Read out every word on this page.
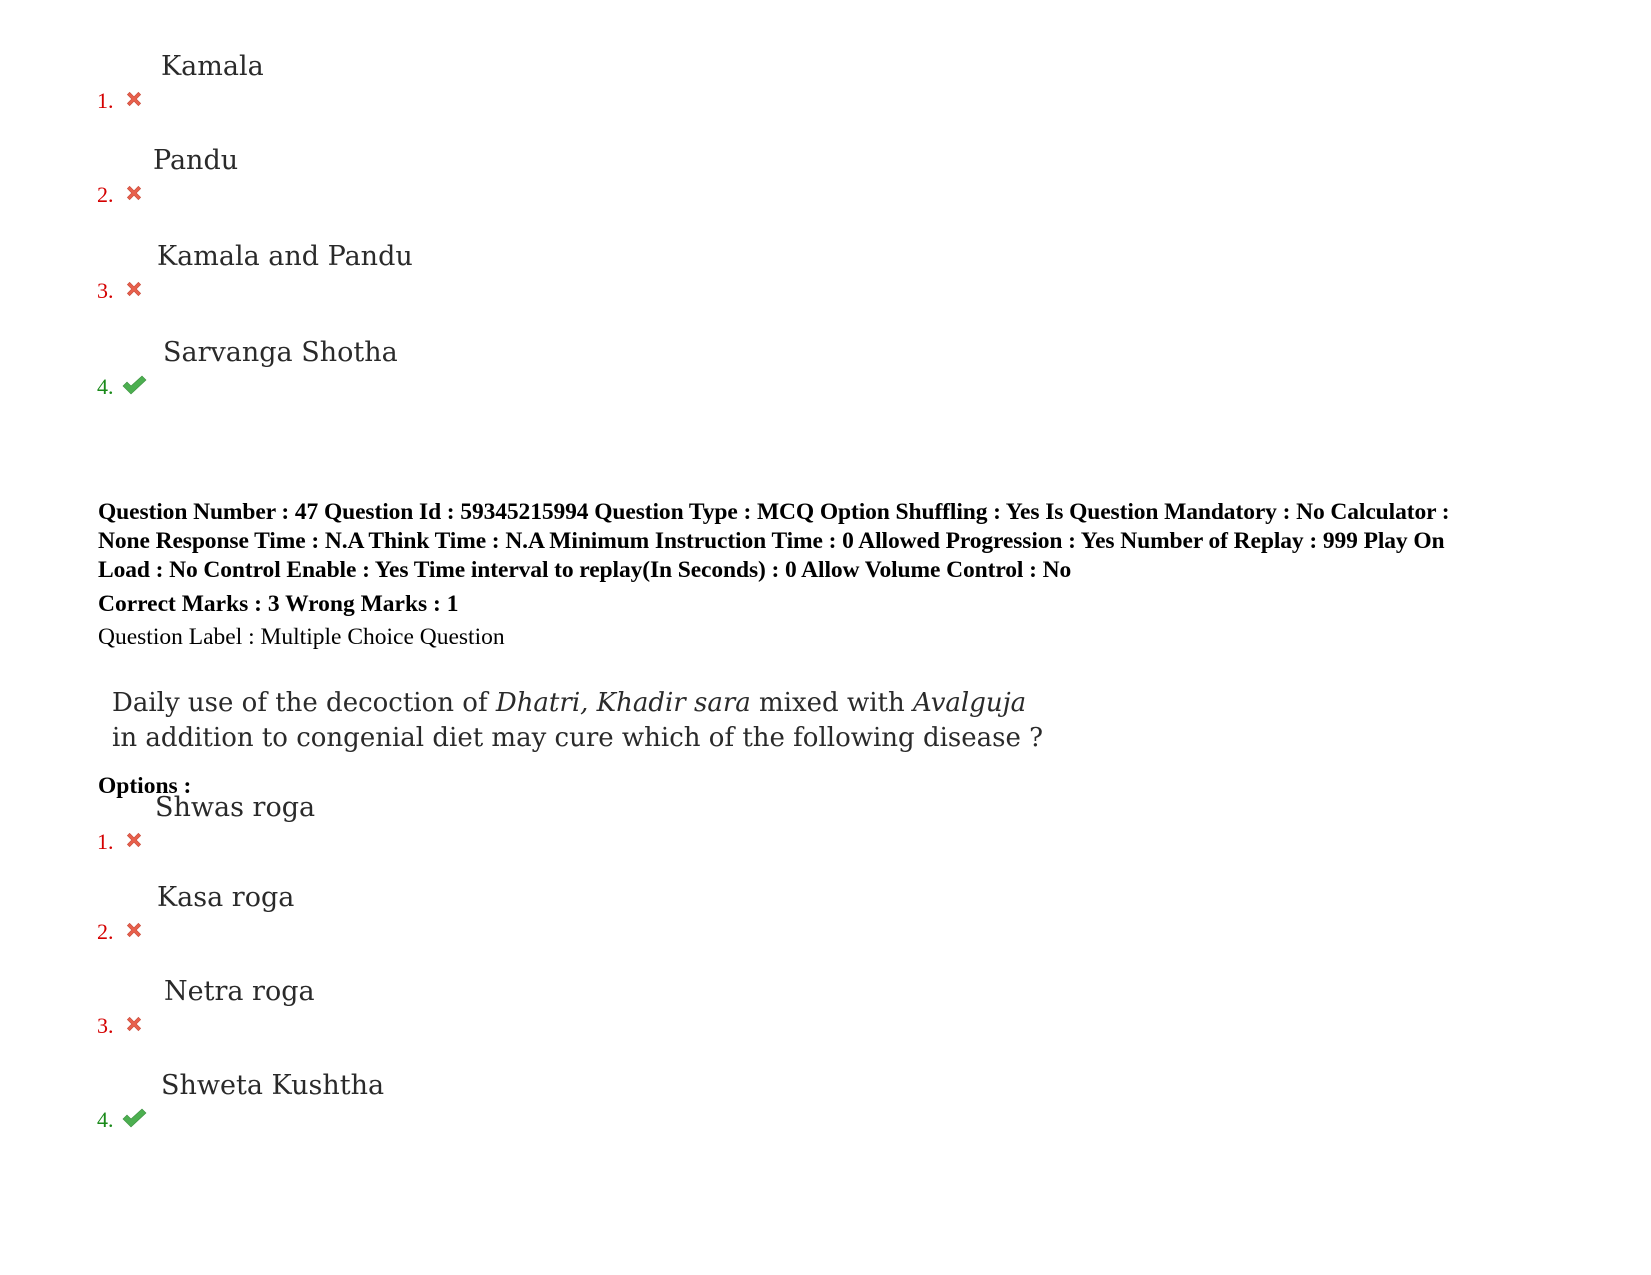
1.
Kamala
2.
Pandu
3.
Kamala and Pandu
4.
Sarvanga Shotha
Question Number : 47 Question Id : 59345215994 Question Type : MCQ Option Shuffling : Yes Is Question Mandatory : No Calculator :
None Response Time : N.A Think Time : N.A Minimum Instruction Time : 0 Allowed Progression : Yes Number of Replay : 999 Play On
Load : No Control Enable : Yes Time interval to replay(In Seconds) : 0 Allow Volume Control : No
Correct Marks : 3 Wrong Marks : 1
Question Label : Multiple Choice Question
Daily use of the decoction of Dhatri, Khadir sara mixed with Avalguja
in addition to congenial diet may cure which of the following disease ?
Options :
1.
Shwas roga
2.
Kasa roga
3.
Netra roga
4.
Shweta Kushtha
